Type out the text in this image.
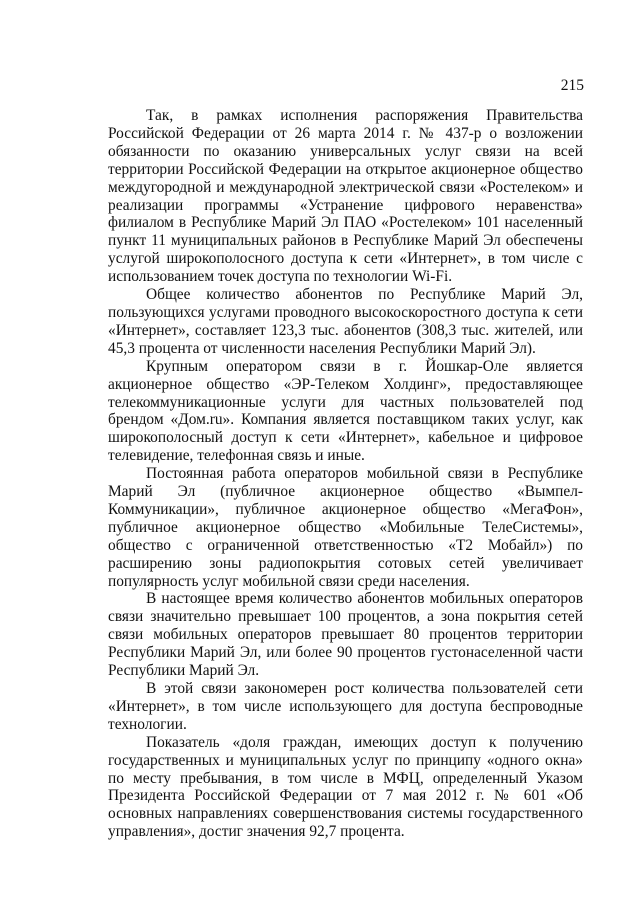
215

Так, в рамках исполнения распоряжения Правительства Российской Федерации от 26 марта 2014 г. № 437-р о возложении обязанности по оказанию универсальных услуг связи на всей территории Российской Федерации на открытое акционерное общество междугородной и международной электрической связи «Ростелеком» и реализации программы «Устранение цифрового неравенства» филиалом в Республике Марий Эл ПАО «Ростелеком» 101 населенный пункт 11 муниципальных районов в Республике Марий Эл обеспечены услугой широкополосного доступа к сети «Интернет», в том числе с использованием точек доступа по технологии Wi-Fi.

Общее количество абонентов по Республике Марий Эл, пользующихся услугами проводного высокоскоростного доступа к сети «Интернет», составляет 123,3 тыс. абонентов (308,3 тыс. жителей, или 45,3 процента от численности населения Республики Марий Эл).

Крупным оператором связи в г. Йошкар-Оле является акционерное общество «ЭР-Телеком Холдинг», предоставляющее телекоммуникационные услуги для частных пользователей под брендом «Дом.ru». Компания является поставщиком таких услуг, как широкополосный доступ к сети «Интернет», кабельное и цифровое телевидение, телефонная связь и иные.

Постоянная работа операторов мобильной связи в Республике Марий Эл (публичное акционерное общество «Вымпел-Коммуникации», публичное акционерное общество «МегаФон», публичное акционерное общество «Мобильные ТелеСистемы», общество с ограниченной ответственностью «Т2 Мобайл») по расширению зоны радиопокрытия сотовых сетей увеличивает популярность услуг мобильной связи среди населения.

В настоящее время количество абонентов мобильных операторов связи значительно превышает 100 процентов, а зона покрытия сетей связи мобильных операторов превышает 80 процентов территории Республики Марий Эл, или более 90 процентов густонаселенной части Республики Марий Эл.

В этой связи закономерен рост количества пользователей сети «Интернет», в том числе использующего для доступа беспроводные технологии.

Показатель «доля граждан, имеющих доступ к получению государственных и муниципальных услуг по принципу «одного окна» по месту пребывания, в том числе в МФЦ, определенный Указом Президента Российской Федерации от 7 мая 2012 г. № 601 «Об основных направлениях совершенствования системы государственного управления», достиг значения 92,7 процента.
